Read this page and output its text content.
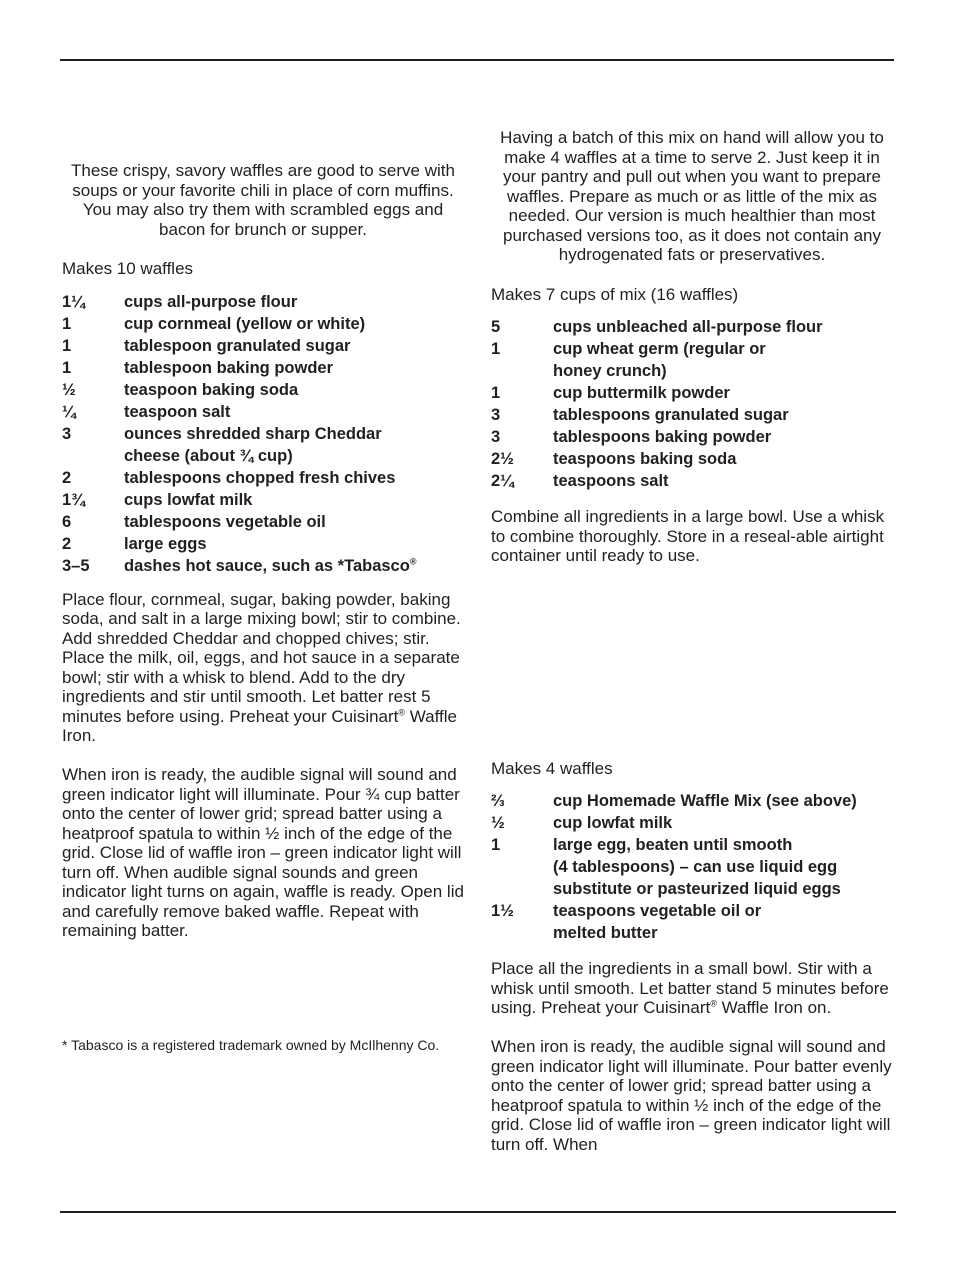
These crispy, savory waffles are good to serve with soups or your favorite chili in place of corn muffins. You may also try them with scrambled eggs and bacon for brunch or supper.

Makes 10 waffles

1¼	cups all-purpose flour
1	cup cornmeal (yellow or white)
1	tablespoon granulated sugar
1	tablespoon baking powder
½	teaspoon baking soda
¼	teaspoon salt
3	ounces shredded sharp Cheddar
cheese (about ¾ cup)
2	tablespoons chopped fresh chives
1¾	cups lowfat milk
6	tablespoons vegetable oil
2	large eggs
3–5	dashes hot sauce, such as *Tabasco®

Place flour, cornmeal, sugar, baking powder, baking soda, and salt in a large mixing bowl; stir to combine. Add shredded Cheddar and chopped chives; stir. Place the milk, oil, eggs, and hot sauce in a separate bowl; stir with a whisk to blend. Add to the dry ingredients and stir until smooth. Let batter rest 5 minutes before using. Preheat your Cuisinart® Waffle Iron.

When iron is ready, the audible signal will sound and green indicator light will illuminate. Pour ¾ cup batter onto the center of lower grid; spread batter using a heatproof spatula to within ½ inch of the edge of the grid. Close lid of waffle iron – green indicator light will turn off. When audible signal sounds and green indicator light turns on again, waffle is ready. Open lid and carefully remove baked waffle. Repeat with remaining batter.

* Tabasco is a registered trademark owned by McIlhenny Co.

Having a batch of this mix on hand will allow you to make 4 waffles at a time to serve 2. Just keep it in your pantry and pull out when you want to prepare waffles. Prepare as much or as little of the mix as needed. Our version is much healthier than most purchased versions too, as it does not contain any hydrogenated fats or preservatives.

Makes 7 cups of mix (16 waffles)

5	cups unbleached all-purpose flour
1	cup wheat germ (regular or
honey crunch)
1	cup buttermilk powder
3	tablespoons granulated sugar
3	tablespoons baking powder
2½	teaspoons baking soda
2¼	teaspoons salt

Combine all ingredients in a large bowl. Use a whisk to combine thoroughly. Store in a reseal-able airtight container until ready to use.

Makes 4 waffles

⅔	cup Homemade Waffle Mix (see above)
½	cup lowfat milk
1	large egg, beaten until smooth
(4 tablespoons) – can use liquid egg
substitute or pasteurized liquid eggs
1½	teaspoons vegetable oil or
melted butter

Place all the ingredients in a small bowl. Stir with a whisk until smooth. Let batter stand 5 minutes before using. Preheat your Cuisinart® Waffle Iron on.

When iron is ready, the audible signal will sound and green indicator light will illuminate. Pour batter evenly onto the center of lower grid; spread batter using a heatproof spatula to within ½ inch of the edge of the grid. Close lid of waffle iron – green indicator light will turn off. When
